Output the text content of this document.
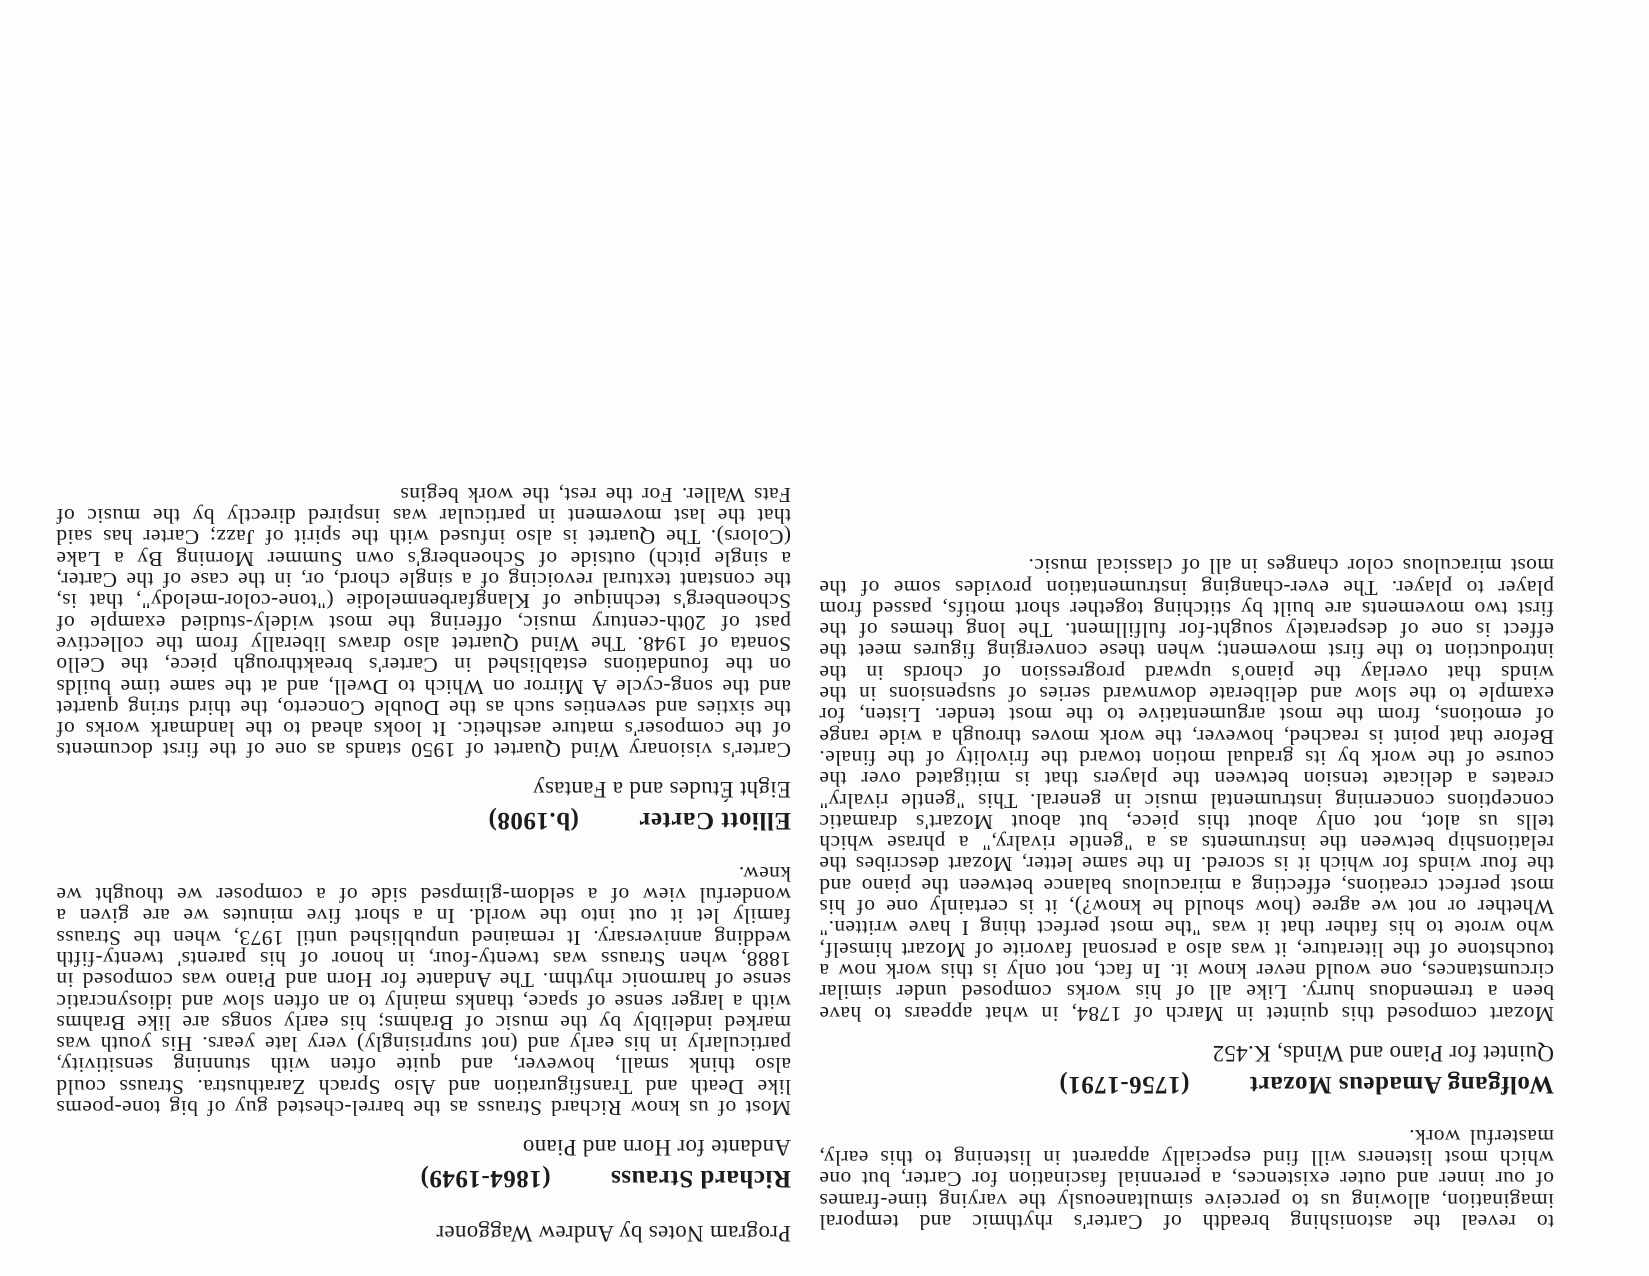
to reveal the astonishing breadth of Carter's rhythmic and temporal imagination, allowing us to perceive simultaneously the varying time-frames of our inner and outer existences, a perennial fascination for Carter, but one which most listeners will find especially apparent in listening to this early, masterful work.

Wolfgang Amadeus Mozart
(1756-1791)
Quintet for Piano and Winds, K.452

Mozart composed this quintet in March of 1784, in what appears to have been a tremendous hurry. Like all of his works composed under similar circumstances, one would never know it. In fact, not only is this work now a touchstone of the literature, it was also a personal favorite of Mozart himself, who wrote to his father that it was "the most perfect thing I have written." Whether or not we agree (how should he know?), it is certainly one of his most perfect creations, effecting a miraculous balance between the piano and the four winds for which it is scored. In the same letter, Mozart describes the relationship between the instruments as a "gentle rivalry," a phrase which tells us alot, not only about this piece, but about Mozart's dramatic conceptions concerning instrumental music in general. This "gentle rivalry" creates a delicate tension between the players that is mitigated over the course of the work by its gradual motion toward the frivolity of the finale. Before that point is reached, however, the work moves through a wide range of emotions, from the most argumentative to the most tender. Listen, for example to the slow and deliberate downward series of suspensions in the winds that overlay the piano's upward progression of chords in the introduction to the first movement; when these converging figures meet the effect is one of desperately sought-for fulfillment. The long themes of the first two movements are built by stitching together short motifs, passed from player to player. The ever-changing instrumentation provides some of the most miraculous color changes in all of classical music.

Program Notes by Andrew Waggoner
Richard Strauss
(1864-1949)
Andante for Horn and Piano

Most of us know Richard Strauss as the barrel-chested guy of big tone-poems like Death and Transfiguration and Also Sprach Zarathustra. Strauss could also think small, however, and quite often with stunning sensitivity, particularly in his early and (not surprisingly) very late years. His youth was marked indelibly by the music of Brahms; his early songs are like Brahms with a larger sense of space, thanks mainly to an often slow and idiosyncratic sense of harmonic rhythm. The Andante for Horn and Piano was composed in 1888, when Strauss was twenty-four, in honor of his parents' twenty-fifth wedding anniversary. It remained unpublished until 1973, when the Strauss family let it out into the world. In a short five minutes we are given a wonderful view of a seldom-glimpsed side of a composer we thought we knew.

Elliott Carter
(b.1908)
Eight Études and a Fantasy

Carter's visionary Wind Quartet of 1950 stands as one of the first documents of the composer's mature aesthetic. It looks ahead to the landmark works of the sixties and seventies such as the Double Concerto, the third string quartet and the song-cycle A Mirror on Which to Dwell, and at the same time builds on the foundations established in Carter's breakthrough piece, the Cello Sonata of 1948. The Wind Quartet also draws liberally from the collective past of 20th-century music, offering the most widely-studied example of Schoenberg's technique of Klangfarbenmelodie ("tone-color-melody", that is, the constant textural revoicing of a single chord, or, in the case of the Carter, a single pitch) outside of Schoenberg's own Summer Morning By a Lake (Colors). The Quartet is also infused with the spirit of Jazz; Carter has said that the last movement in particular was inspired directly by the music of Fats Waller. For the rest, the work begins
